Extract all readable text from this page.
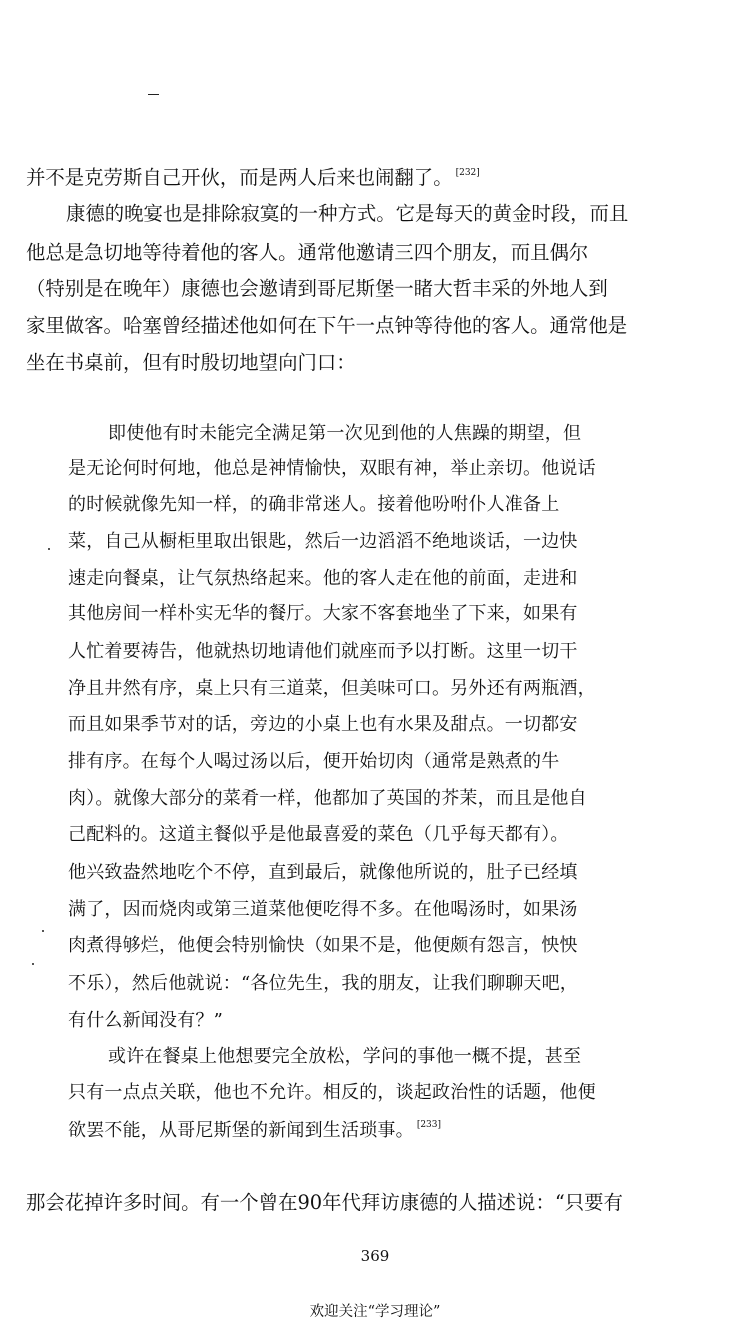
并不是克劳斯自己开伙，而是两人后来也闹翻了。 [232]
康德的晚宴也是排除寂寞的一种方式。它是每天的黄金时段，而且
他总是急切地等待着他的客人。通常他邀请三四个朋友，而且偶尔
（特别是在晚年）康德也会邀请到哥尼斯堡一睹大哲丰采的外地人到
家里做客。哈塞曾经描述他如何在下午一点钟等待他的客人。通常他是
坐在书桌前，但有时殷切地望向门口：
即使他有时未能完全满足第一次见到他的人焦躁的期望，但
是无论何时何地，他总是神情愉快，双眼有神，举止亲切。他说话
的时候就像先知一样，的确非常迷人。接着他吩咐仆人准备上
菜，自己从橱柜里取出银匙，然后一边滔滔不绝地谈话，一边快
速走向餐桌，让气氛热络起来。他的客人走在他的前面，走进和
其他房间一样朴实无华的餐厅。大家不客套地坐了下来，如果有
人忙着要祷告，他就热切地请他们就座而予以打断。这里一切干
净且井然有序，桌上只有三道菜，但美味可口。另外还有两瓶酒，
而且如果季节对的话，旁边的小桌上也有水果及甜点。一切都安
排有序。在每个人喝过汤以后，便开始切肉（通常是熟煮的牛
肉）。就像大部分的菜肴一样，他都加了英国的芥茉，而且是他自
己配料的。这道主餐似乎是他最喜爱的菜色（几乎每天都有）。
他兴致盎然地吃个不停，直到最后，就像他所说的，肚子已经填
满了，因而烧肉或第三道菜他便吃得不多。在他喝汤时，如果汤
肉煮得够烂，他便会特别愉快（如果不是，他便颇有怨言，怏怏
不乐），然后他就说：“各位先生，我的朋友，让我们聊聊天吧，
有什么新闻没有？”
或许在餐桌上他想要完全放松，学问的事他一概不提，甚至
只有一点点关联，他也不允许。相反的，谈起政治性的话题，他便
欲罢不能，从哥尼斯堡的新闻到生活琐事。 [233]
那会花掉许多时间。有一个曾在90年代拜访康德的人描述说：“只要有
369
欢迎关注“学习理论”
